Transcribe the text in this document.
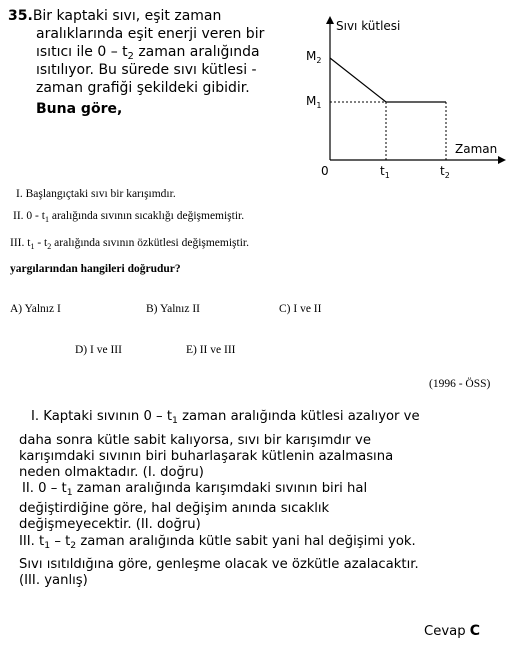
35.Bir kaptaki sıvı, eşit zaman
aralıklarında eşit enerji veren bir
ısıtıcı ile $0 - t_2$ zaman aralığında
ısıtılıyor. Bu sürede sıvı kütlesi -
zaman grafiği şekildeki gibidir.
Buna göre,
Sıvı kütlesi
Zaman
0
$M_2$
$M_1$
$t_1$	$t_2$
I. Başlangıçtaki sıvı bir karışımdır.
II. $0 - t_1$ aralığında sıvının sıcaklığı değişmemiştir.
III. $t_1 - t_2$ aralığında sıvının özkütlesi değişmemiştir.
yargılarından hangileri doğrudur?
A) Yalnız I	B) Yalnız II	C) I ve II
D) I ve III	E) II ve III
(1996 - ÖSS)
I. Kaptaki sıvının $0 - t_1$ zaman aralığında kütlesi azalıyor ve
daha sonra kütle sabit kalıyorsa, sıvı bir karışımdır ve
karışımdaki sıvının biri buharlaşarak kütlenin azalmasına
neden olmaktadır. (I. doğru)
II. $0 - t_1$ zaman aralığında karışımdaki sıvının biri hal
değiştirdiğine göre, hal değişim anında sıcaklık
değişmeyecektir. (II. doğru)
III. $t_1 - t_2$ zaman aralığında kütle sabit yani hal değişimi yok.
Sıvı ısıtıldığına göre, genleşme olacak ve özkütle azalacaktır.
(III. yanlış)
Cevap C
